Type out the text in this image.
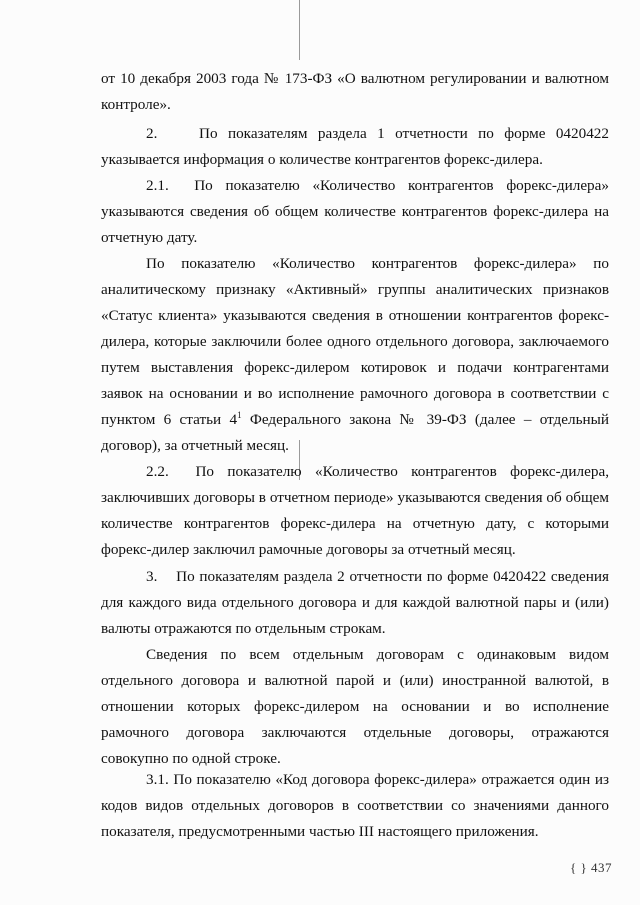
от 10 декабря 2003 года № 173-ФЗ «О валютном регулировании и валютном контроле».

2.    По показателям раздела 1 отчетности по форме 0420422 указывается информация о количестве контрагентов форекс-дилера.

2.1.  По показателю «Количество контрагентов форекс-дилера» указываются сведения об общем количестве контрагентов форекс-дилера на отчетную дату.

По показателю «Количество контрагентов форекс-дилера» по аналитическому признаку «Активный» группы аналитических признаков «Статус клиента» указываются сведения в отношении контрагентов форекс-дилера, которые заключили более одного отдельного договора, заключаемого путем выставления форекс-дилером котировок и подачи контрагентами заявок на основании и во исполнение рамочного договора в соответствии с пунктом 6 статьи $4^1$ Федерального закона № 39-ФЗ (далее – отдельный договор), за отчетный месяц.

2.2.  По показателю «Количество контрагентов форекс-дилера, заключивших договоры в отчетном периоде» указываются сведения об общем количестве контрагентов форекс-дилера на отчетную дату, с которыми форекс-дилер заключил рамочные договоры за отчетный месяц.

3.    По показателям раздела 2 отчетности по форме 0420422 сведения для каждого вида отдельного договора и для каждой валютной пары и (или) валюты отражаются по отдельным строкам.

Сведения по всем отдельным договорам с одинаковым видом отдельного договора и валютной парой и (или) иностранной валютой, в отношении которых форекс-дилером на основании и во исполнение рамочного договора заключаются отдельные договоры, отражаются совокупно по одной строке.

3.1. По показателю «Код договора форекс-дилера» отражается один из кодов видов отдельных договоров в соответствии со значениями данного показателя, предусмотренными частью III настоящего приложения.

{ } 437
